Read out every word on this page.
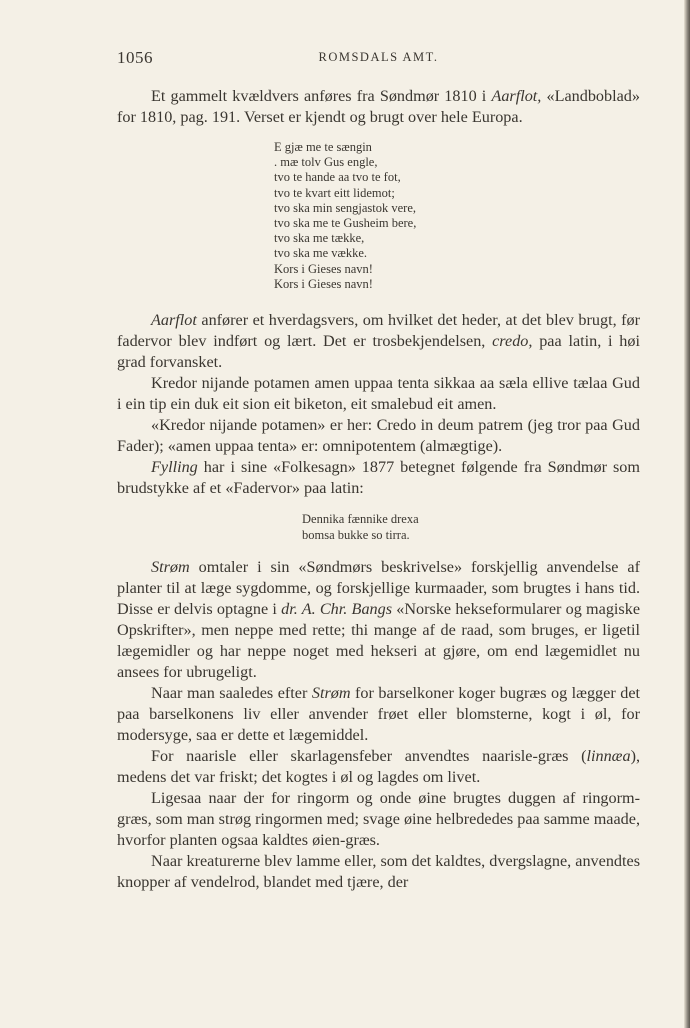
1056	ROMSDALS AMT.

Et gammelt kvældvers anføres fra Søndmør 1810 i Aarflot, «Landboblad» for 1810, pag. 191. Verset er kjendt og brugt over hele Europa.

E gjæ me te sængin
. mæ tolv Gus engle,
tvo te hande aa tvo te fot,
tvo te kvart eitt lidemot;
tvo ska min sengjastok vere,
tvo ska me te Gusheim bere,
tvo ska me tække,
tvo ska me vække.
Kors i Gieses navn!
Kors i Gieses navn!

Aarflot anfører et hverdagsvers, om hvilket det heder, at det blev brugt, før fadervor blev indført og lært. Det er trosbekjendelsen, credo, paa latin, i høi grad forvansket.

Kredor nijande potamen amen uppaa tenta sikkaa aa sæla ellive tælaa Gud i ein tip ein duk eit sion eit biketon, eit smalebud eit amen.

«Kredor nijande potamen» er her: Credo in deum patrem (jeg tror paa Gud Fader); «amen uppaa tenta» er: omnipotentem (almægtige).

Fylling har i sine «Folkesagn» 1877 betegnet følgende fra Søndmør som brudstykke af et «Fadervor» paa latin:

Dennika fænnike drexa
bomsa bukke so tirra.

Strøm omtaler i sin «Søndmørs beskrivelse» forskjellig anvendelse af planter til at læge sygdomme, og forskjellige kurmaader, som brugtes i hans tid. Disse er delvis optagne i dr. A. Chr. Bangs «Norske hekseformularer og magiske Opskrifter», men neppe med rette; thi mange af de raad, som bruges, er ligetil lægemidler og har neppe noget med hekseri at gjøre, om end lægemidlet nu ansees for ubrugeligt.

Naar man saaledes efter Strøm for barselkoner koger bugræs og lægger det paa barselkonens liv eller anvender frøet eller blomsterne, kogt i øl, for modersyge, saa er dette et lægemiddel.

For naarisle eller skarlagensfeber anvendtes naarisle-græs (linnæa), medens det var friskt; det kogtes i øl og lagdes om livet.

Ligesaa naar der for ringorm og onde øine brugtes duggen af ringorm-græs, som man strøg ringormen med; svage øine helbrededes paa samme maade, hvorfor planten ogsaa kaldtes øien-græs.

Naar kreaturerne blev lamme eller, som det kaldtes, dvergslagne, anvendtes knopper af vendelrod, blandet med tjære, der
